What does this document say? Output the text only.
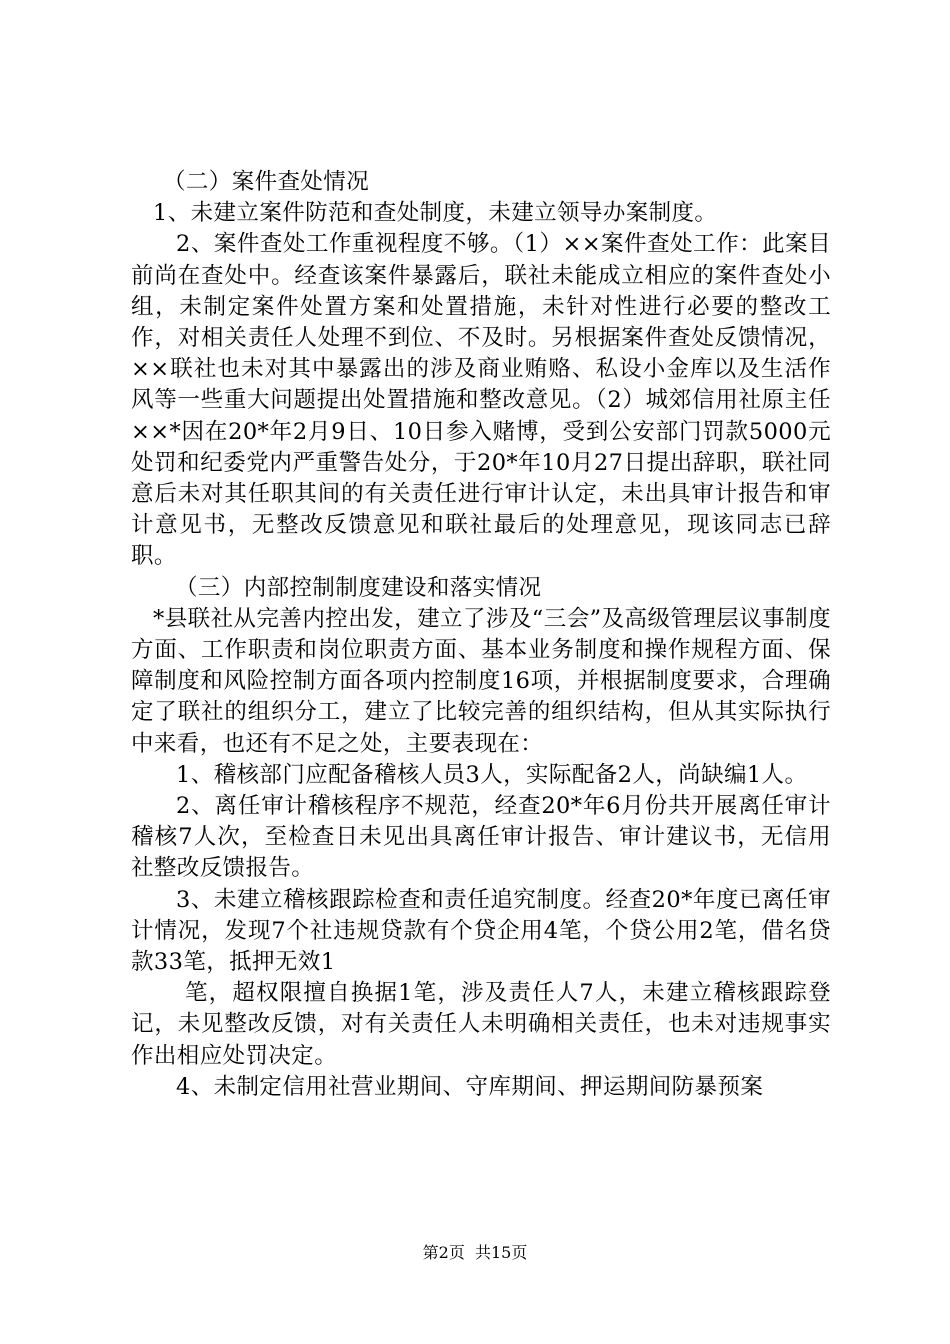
（二）案件查处情况

1、未建立案件防范和查处制度，未建立领导办案制度。

2、案件查处工作重视程度不够。（1）××案件查处工作：此案目前尚在查处中。经查该案件暴露后，联社未能成立相应的案件查处小组，未制定案件处置方案和处置措施，未针对性进行必要的整改工作，对相关责任人处理不到位、不及时。另根据案件查处反馈情况，××联社也未对其中暴露出的涉及商业贿赂、私设小金库以及生活作风等一些重大问题提出处置措施和整改意见。（2）城郊信用社原主任××*因在20*年2月9日、10日参入赌博，受到公安部门罚款5000元处罚和纪委党内严重警告处分，于20*年10月27日提出辞职，联社同意后未对其任职其间的有关责任进行审计认定，未出具审计报告和审计意见书，无整改反馈意见和联社最后的处理意见，现该同志已辞职。

（三）内部控制制度建设和落实情况

*县联社从完善内控出发，建立了涉及“三会”及高级管理层议事制度方面、工作职责和岗位职责方面、基本业务制度和操作规程方面、保障制度和风险控制方面各项内控制度16项，并根据制度要求，合理确定了联社的组织分工，建立了比较完善的组织结构，但从其实际执行中来看，也还有不足之处，主要表现在：

1、稽核部门应配备稽核人员3人，实际配备2人，尚缺编1人。

2、离任审计稽核程序不规范，经查20*年6月份共开展离任审计稽核7人次，至检查日未见出具离任审计报告、审计建议书，无信用社整改反馈报告。

3、未建立稽核跟踪检查和责任追究制度。经查20*年度已离任审计情况，发现7个社违规贷款有个贷企用4笔，个贷公用2笔，借名贷款33笔，抵押无效1

笔，超权限擅自换据1笔，涉及责任人7人，未建立稽核跟踪登记，未见整改反馈，对有关责任人未明确相关责任，也未对违规事实作出相应处罚决定。

4、未制定信用社营业期间、守库期间、押运期间防暴预案

第2页  共15页
